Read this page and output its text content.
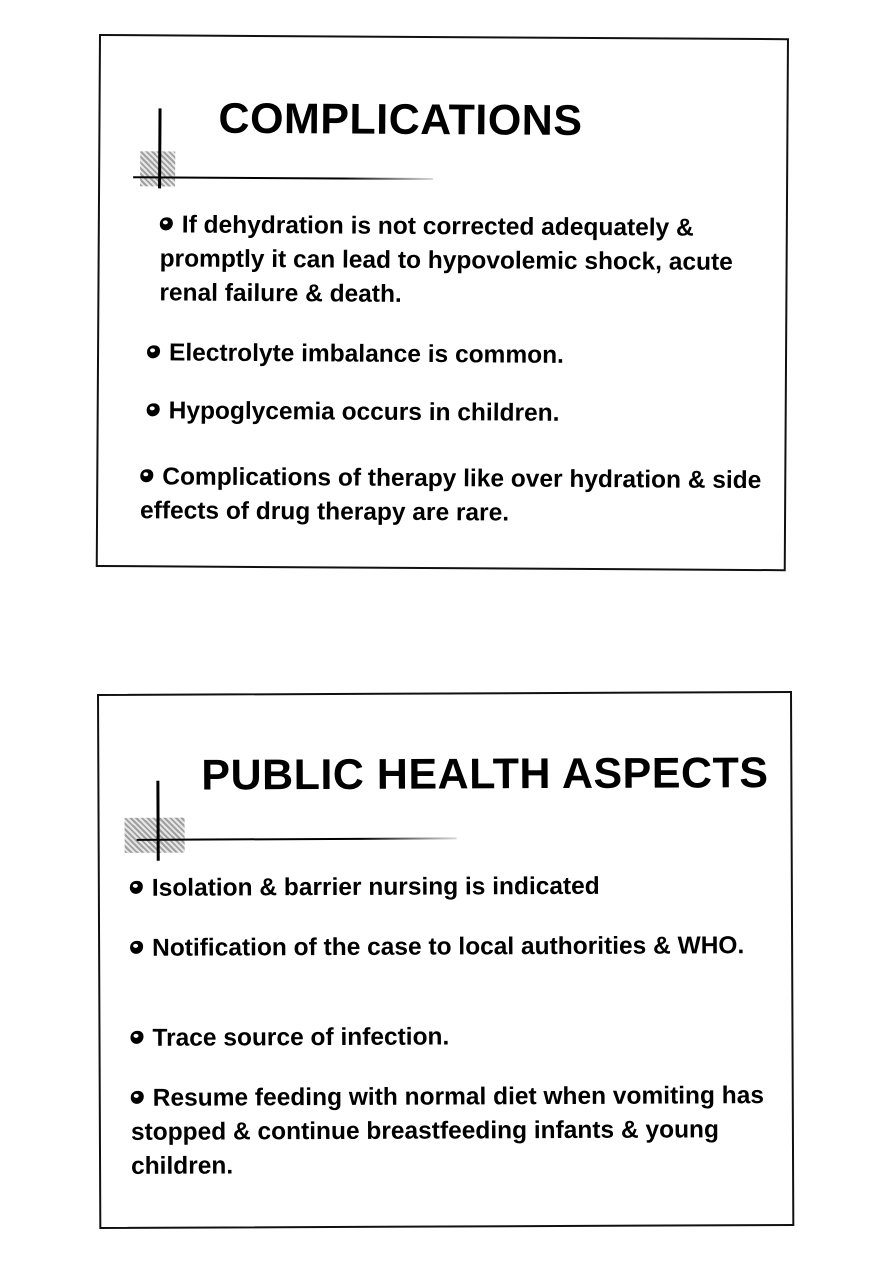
COMPLICATIONS
If dehydration is not corrected adequately & promptly it can lead to hypovolemic shock, acute renal failure & death.
Electrolyte imbalance is common.
Hypoglycemia occurs in children.
Complications of therapy like over hydration & side effects of drug therapy are rare.
PUBLIC HEALTH ASPECTS
Isolation & barrier nursing is indicated
Notification of the case to local authorities & WHO.
Trace source of infection.
Resume feeding with normal diet when vomiting has stopped & continue breastfeeding infants & young children.
